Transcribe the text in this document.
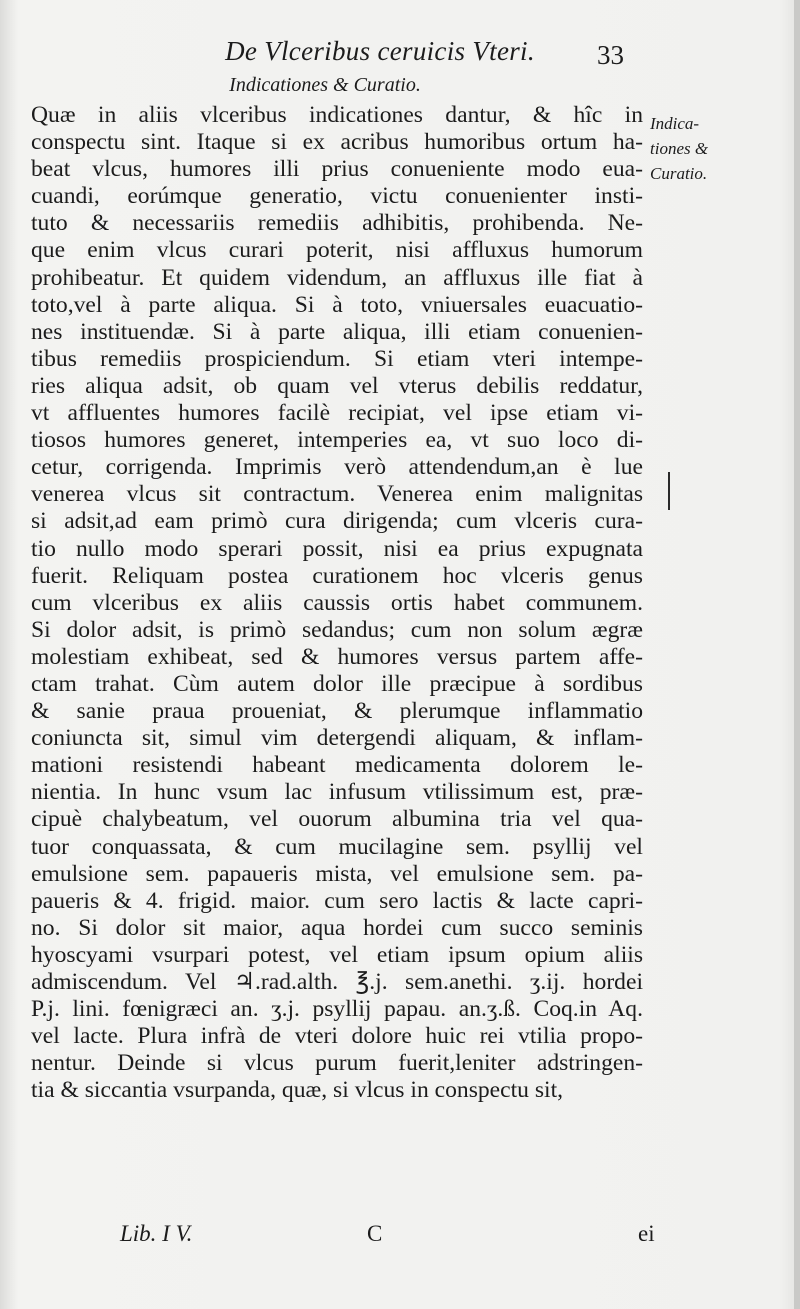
De Vlceribus ceruicis Vteri.	33
Indicationes & Curatio.
Quæ in aliis vlceribus indicationes dantur, & hîc in
conspectu sint. Itaque si ex acribus humoribus ortum ha-
beat vlcus, humores illi prius conueniente modo eua-
cuandi, eorúmque generatio, victu conuenienter insti-
tuto & necessariis remediis adhibitis, prohibenda. Ne-
que enim vlcus curari poterit, nisi affluxus humorum
prohibeatur. Et quidem videndum, an affluxus ille fiat à
toto,vel à parte aliqua. Si à toto, vniuersales euacuatio-
nes instituendæ. Si à parte aliqua, illi etiam conuenien-
tibus remediis prospiciendum. Si etiam vteri intempe-
ries aliqua adsit, ob quam vel vterus debilis reddatur,
vt affluentes humores facilè recipiat, vel ipse etiam vi-
tiosos humores generet, intemperies ea, vt suo loco di-
cetur, corrigenda. Imprimis verò attendendum,an è lue
venerea vlcus sit contractum. Venerea enim malignitas
si adsit,ad eam primò cura dirigenda; cum vlceris cura-
tio nullo modo sperari possit, nisi ea prius expugnata
fuerit. Reliquam postea curationem hoc vlceris genus
cum vlceribus ex aliis caussis ortis habet communem.
Si dolor adsit, is primò sedandus; cum non solum ægræ
molestiam exhibeat, sed & humores versus partem affe-
ctam trahat. Cùm autem dolor ille præcipue à sordibus
& sanie praua proueniat, & plerumque inflammatio
coniuncta sit, simul vim detergendi aliquam, & inflam-
mationi resistendi habeant medicamenta dolorem le-
nientia. In hunc vsum lac infusum vtilissimum est, præ-
cipuè chalybeatum, vel ouorum albumina tria vel qua-
tuor conquassata, & cum mucilagine sem. psyllij vel
emulsione sem. papaueris mista, vel emulsione sem. pa-
paueris & 4. frigid. maior. cum sero lactis & lacte capri-
no. Si dolor sit maior, aqua hordei cum succo seminis
hyoscyami vsurpari potest, vel etiam ipsum opium aliis
admiscendum. Vel ♃.rad.alth. ℥.j. sem.anethi. ʒ.ij. hordei
P.j. lini. fœnigræci an. ʒ.j. psyllij papau. an.ʒ.ß. Coq.in Aq.
vel lacte. Plura infrà de vteri dolore huic rei vtilia propo-
nentur. Deinde si vlcus purum fuerit,leniter adstringen-
tia & siccantia vsurpanda, quæ, si vlcus in conspectu sit,
Indica-
tiones &
Curatio.
Lib. I V.	C	ei
